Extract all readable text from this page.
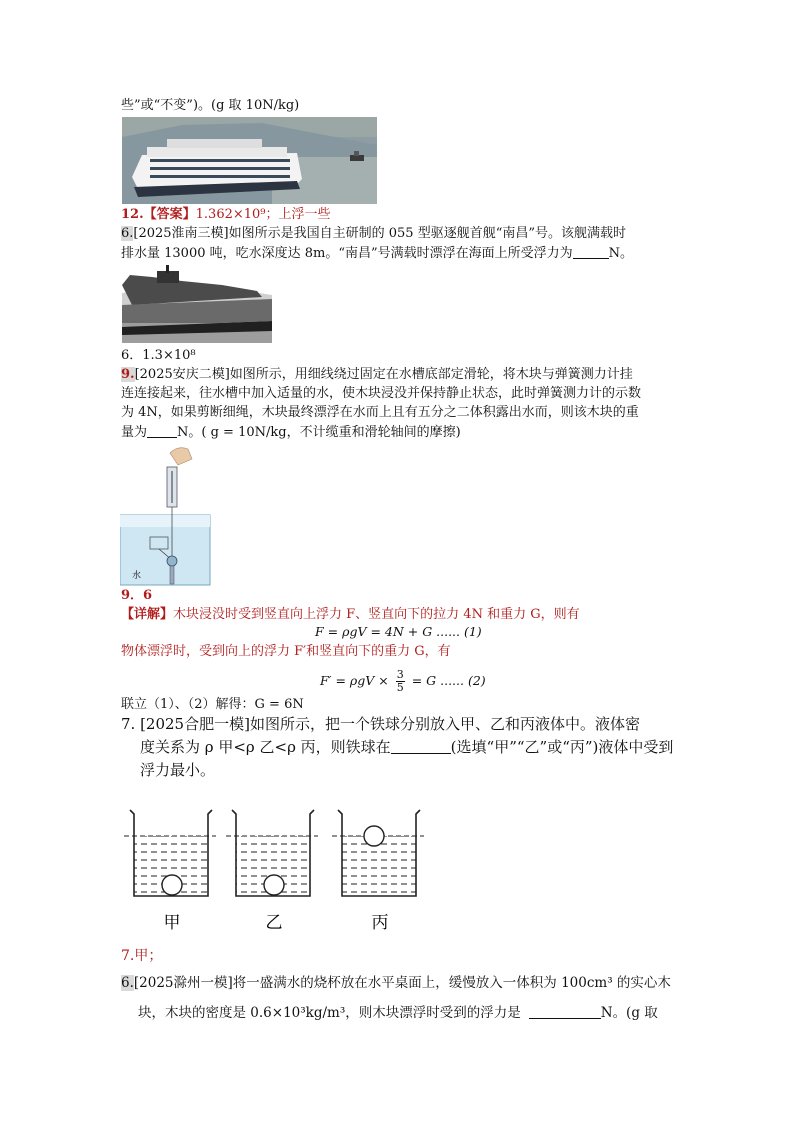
些”或“不变”)。(g 取 10N/kg)
12.【答案】1.362×10⁹；上浮一些
6.[2025淮南三模]如图所示是我国自主研制的 055 型驱逐舰首舰“南昌”号。该舰满载时
排水量 13000 吨，吃水深度达 8m。“南昌”号满载时漂浮在海面上所受浮力为	N。
6．1.3×10⁸
9.[2025安庆二模]如图所示，用细线绕过固定在水槽底部定滑轮，将木块与弹簧测力计挂
连连接起来，往水槽中加入适量的水，使木块浸没并保持静止状态，此时弹簧测力计的示数
为 4N，如果剪断细绳，木块最终漂浮在水而上且有五分之二体积露出水而，则该木块的重
量为 N。( g = 10N/kg，不计缆重和滑轮轴间的摩擦)
水
9．6
【详解】木块浸没时受到竖直向上浮力 F、竖直向下的拉力 4N 和重力 G，则有
F = ρgV = 4N + G ...... (1)
物体漂浮时，受到向上的浮力 F′和竖直向下的重力 G，有
$F' = \rho gV \times \frac{3}{5} = G$ ...... (2)
联立（1）、（2）解得：G = 6N
7. [2025合肥一模]如图所示，把一个铁球分别放入甲、乙和丙液体中。液体密
度关系为 ρ 甲<ρ 乙<ρ 丙，则铁球在	(选填“甲”“乙”或“丙”)液体中受到
浮力最小。
甲	乙	丙
7.甲；
6.[2025滁州一模]将一盛满水的烧杯放在水平桌面上，缓慢放入一体积为 100cm³ 的实心木
块，木块的密度是 0.6×10³kg/m³，则木块漂浮时受到的浮力是	N。(g 取
